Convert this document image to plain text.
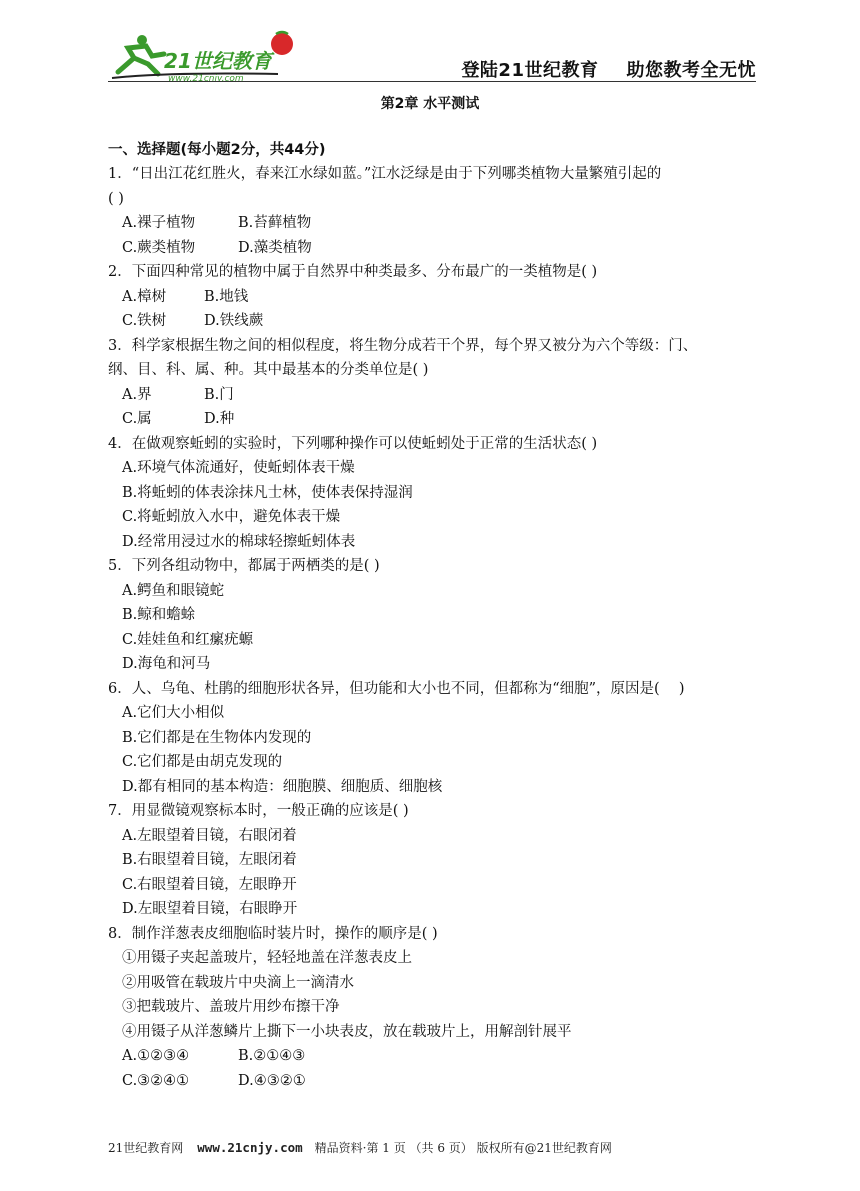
21世纪教育
www.21cnjy.com	登陆21世纪教育 助您教考全无忧
第2章 水平测试
一、选择题(每小题2分，共44分)
1．“日出江花红胜火，春来江水绿如蓝。”江水泛绿是由于下列哪类植物大量繁殖引起的
( )
A.裸子植物	B.苔藓植物
C.蕨类植物	D.藻类植物
2．下面四种常见的植物中属于自然界中种类最多、分布最广的一类植物是( )
A.樟树	B.地钱
C.铁树	D.铁线蕨
3．科学家根据生物之间的相似程度，将生物分成若干个界，每个界又被分为六个等级：门、
纲、目、科、属、种。其中最基本的分类单位是( )
A.界	B.门
C.属	D.种
4．在做观察蚯蚓的实验时，下列哪种操作可以使蚯蚓处于正常的生活状态( )
A.环境气体流通好，使蚯蚓体表干燥
B.将蚯蚓的体表涂抹凡士林，使体表保持湿润
C.将蚯蚓放入水中，避免体表干燥
D.经常用浸过水的棉球轻擦蚯蚓体表
5．下列各组动物中，都属于两栖类的是( )
A.鳄鱼和眼镜蛇
B.鲸和蟾蜍
C.娃娃鱼和红瘰疣螈
D.海龟和河马
6．人、乌龟、杜鹃的细胞形状各异，但功能和大小也不同，但都称为“细胞”，原因是(　 )
A.它们大小相似
B.它们都是在生物体内发现的
C.它们都是由胡克发现的
D.都有相同的基本构造：细胞膜、细胞质、细胞核
7．用显微镜观察标本时，一般正确的应该是( )
A.左眼望着目镜，右眼闭着
B.右眼望着目镜，左眼闭着
C.右眼望着目镜，左眼睁开
D.左眼望着目镜，右眼睁开
8．制作洋葱表皮细胞临时装片时，操作的顺序是( )
①用镊子夹起盖玻片，轻轻地盖在洋葱表皮上
②用吸管在载玻片中央滴上一滴清水
③把载玻片、盖玻片用纱布擦干净
④用镊子从洋葱鳞片上撕下一小块表皮，放在载玻片上，用解剖针展平
A.①②③④	B.②①④③
C.③②④①	D.④③②①
21世纪教育网 www.21cnjy.com 精品资料·第 1 页 （共 6 页） 版权所有@21世纪教育网
